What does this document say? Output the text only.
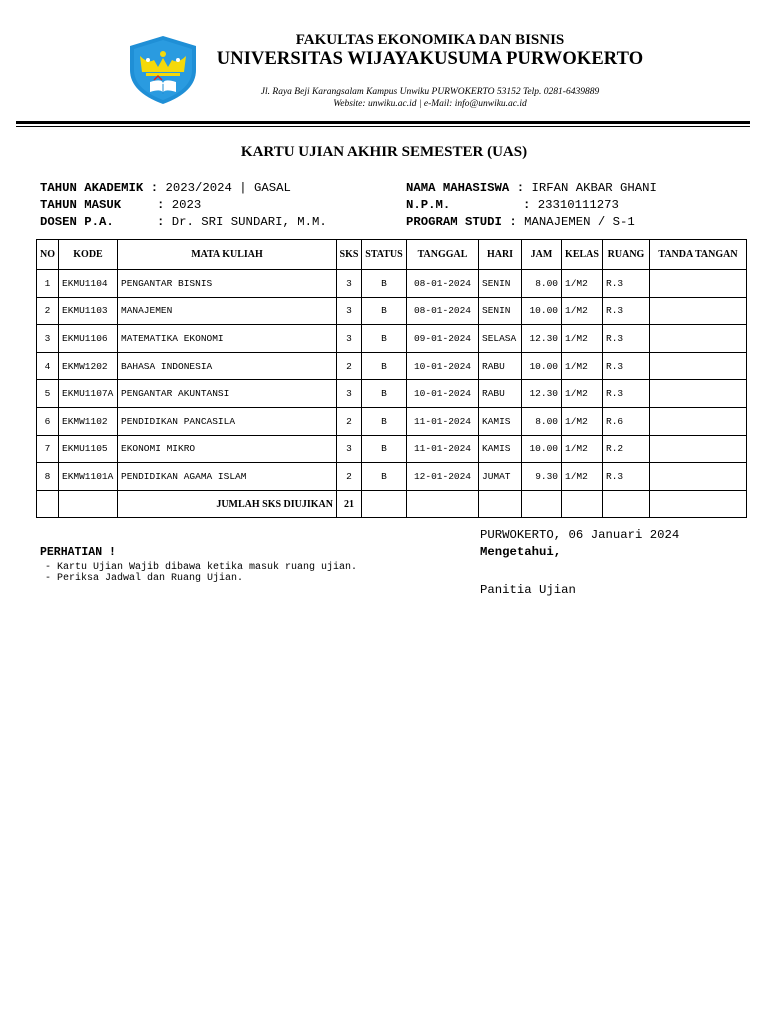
FAKULTAS EKONOMIKA DAN BISNIS
UNIVERSITAS WIJAYAKUSUMA PURWOKERTO
Jl. Raya Beji Karangsalam Kampus Unwiku PURWOKERTO 53152 Telp. 0281-6439889
Website: unwiku.ac.id | e-Mail: info@unwiku.ac.id
KARTU UJIAN AKHIR SEMESTER (UAS)
TAHUN AKADEMIK : 2023/2024 | GASAL
TAHUN MASUK	: 2023
DOSEN P.A.	: Dr. SRI SUNDARI, M.M.
NAMA MAHASISWA : IRFAN AKBAR GHANI
N.P.M.	: 23310111273
PROGRAM STUDI : MANAJEMEN / S-1
NO	KODE	MATA KULIAH	SKS	STATUS	TANGGAL	HARI	JAM	KELAS	RUANG	TANDA TANGAN
1	EKMU1104	PENGANTAR BISNIS	3	B	08-01-2024	SENIN	8.00	1/M2	R.3	
2	EKMU1103	MANAJEMEN	3	B	08-01-2024	SENIN	10.00	1/M2	R.3	
3	EKMU1106	MATEMATIKA EKONOMI	3	B	09-01-2024	SELASA	12.30	1/M2	R.3	
4	EKMW1202	BAHASA INDONESIA	2	B	10-01-2024	RABU	10.00	1/M2	R.3	
5	EKMU1107A	PENGANTAR AKUNTANSI	3	B	10-01-2024	RABU	12.30	1/M2	R.3	
6	EKMW1102	PENDIDIKAN PANCASILA	2	B	11-01-2024	KAMIS	8.00	1/M2	R.6	
7	EKMU1105	EKONOMI MIKRO	3	B	11-01-2024	KAMIS	10.00	1/M2	R.2	
8	EKMW1101A	PENDIDIKAN AGAMA ISLAM	2	B	12-01-2024	JUMAT	9.30	1/M2	R.3	
		JUMLAH SKS DIUJIKAN	21							
PURWOKERTO, 06 Januari 2024
Mengetahui,
Panitia Ujian
PERHATIAN !
- Kartu Ujian Wajib dibawa ketika masuk ruang ujian.
- Periksa Jadwal dan Ruang Ujian.
